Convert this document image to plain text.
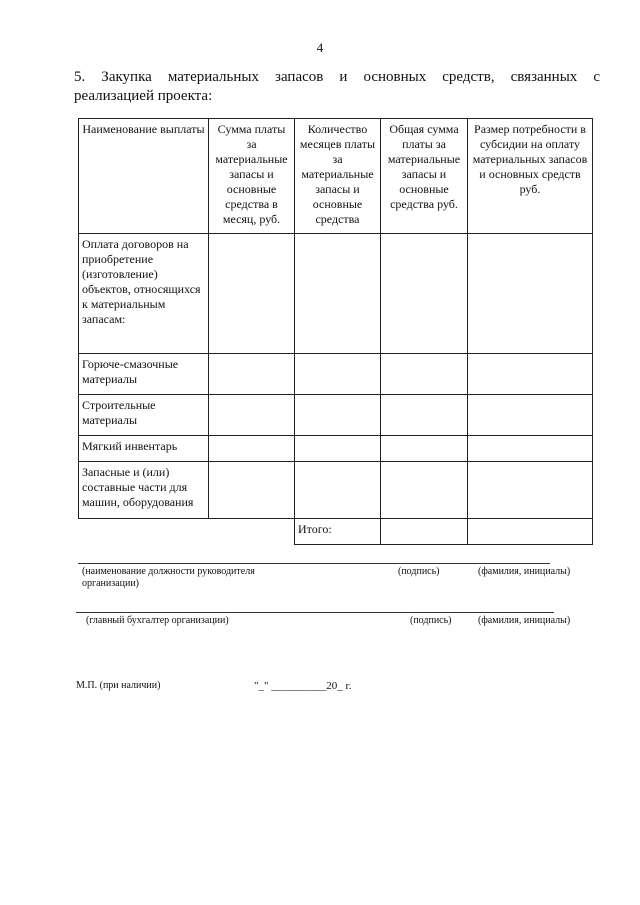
4
5. Закупка материальных запасов и основных средств, связанных с
реализацией проекта:
Наименование выплаты	Сумма платы за материальные запасы и основные средства в месяц, руб.	Количество месяцев платы за материальные запасы и основные средства	Общая сумма платы за материальные запасы и основные средства руб.	Размер потребности в субсидии на оплату материальных запасов и основных средств руб.
Оплата договоров на приобретение (изготовление) объектов, относящихся к материальным запасам:				
Горюче-смазочные материалы				
Строительные материалы				
Мягкий инвентарь				
Запасные и (или) составные части для машин, оборудования				
		Итого:		
(наименование должности руководителя
организации)
(подпись)	(фамилия, инициалы)
(главный бухгалтер организации)	(подпись)	(фамилия, инициалы)
М.П. (при наличии)	"_" __________20_ г.
